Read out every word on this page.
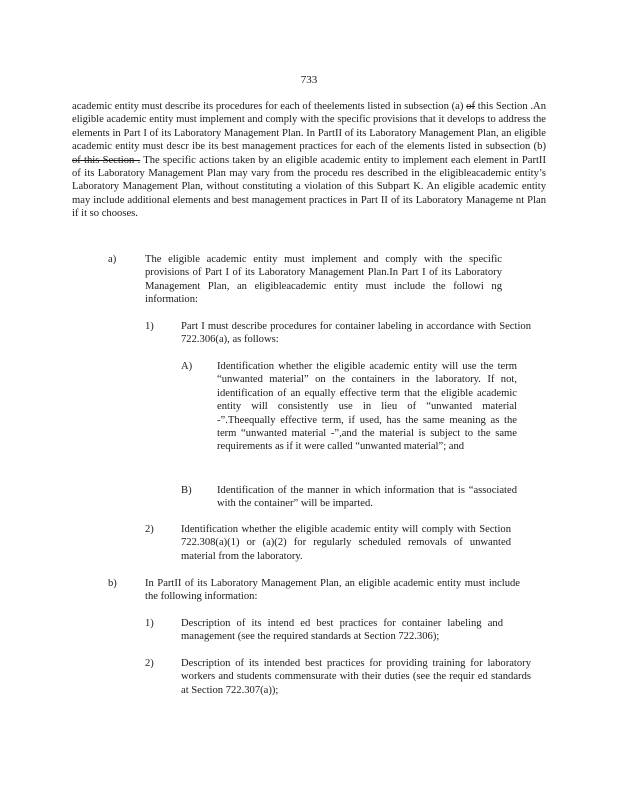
733
academic entity must describe its procedures for each of theelements listed in subsection (a) of this Section .An eligible academic entity must implement and comply with the specific provisions that it develops to address the elements in Part I of its Laboratory Management Plan. In PartII of its Laboratory Management Plan, an eligible academic entity must descr ibe its best management practices for each of the elements listed in subsection (b) of this Section . The specific actions taken by an eligible academic entity to implement each element in PartII of its Laboratory Management Plan may vary from the procedu res described in the eligibleacademic entity’s Laboratory Management Plan, without constituting a violation of this Subpart K. An eligible academic entity may include additional elements and best management practices in Part II of its Laboratory Manageme nt Plan if it so chooses.
a)	The eligible academic entity must implement and comply with the specific provisions of Part I of its Laboratory Management Plan.In Part I of its Laboratory Management Plan, an eligibleacademic entity must include the followi ng information:
1)	Part I must describe procedures for container labeling in accordance with Section 722.306(a), as follows:
A) Identification whether the eligible academic entity will use the term “unwanted material” on the containers in the laboratory. If not, identification of an equally effective term that the eligible academic entity will consistently use in lieu of “unwanted material -”.Theequally effective term, if used, has the same meaning as the term “unwanted material -”,and the material is subject to the same requirements as if it were called “unwanted material”; and
B) Identification of the manner in which information that is “associated with the container” will be imparted.
2)	Identification whether the eligible academic entity will comply with Section 722.308(a)(1) or (a)(2) for regularly scheduled removals of unwanted material from the laboratory.
b)	In PartII of its Laboratory Management Plan, an eligible academic entity must include the following information:
1)	Description of its intend ed best practices for container labeling and management (see the required standards at Section 722.306);
2)	Description of its intended best practices for providing training for laboratory workers and students commensurate with their duties (see the requir ed standards at Section 722.307(a));
